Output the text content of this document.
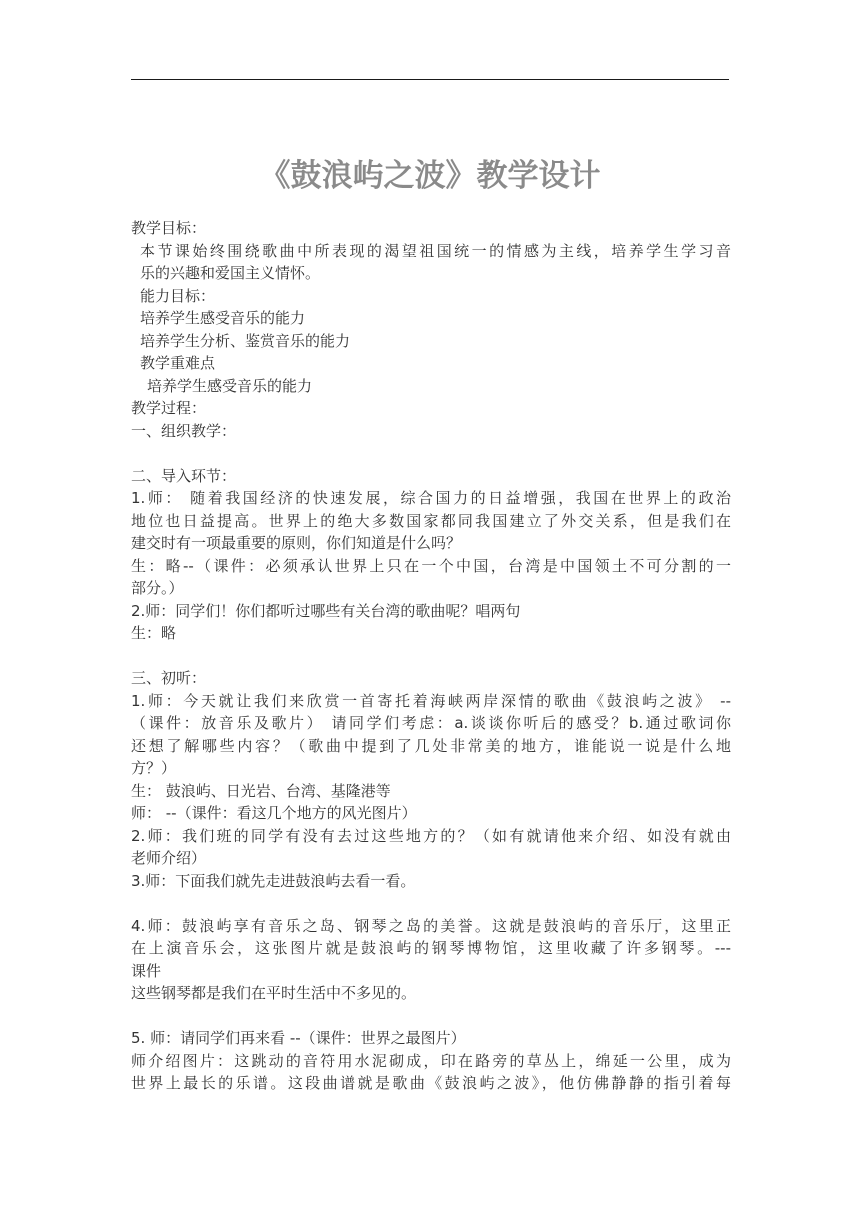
《鼓浪屿之波》教学设计
教学目标：
本节课始终围绕歌曲中所表现的渴望祖国统一的情感为主线，培养学生学习音
乐的兴趣和爱国主义情怀。
能力目标：
培养学生感受音乐的能力
培养学生分析、鉴赏音乐的能力
教学重难点
培养学生感受音乐的能力
教学过程：
一、组织教学：
二、导入环节：
1.师： 随着我国经济的快速发展，综合国力的日益增强，我国在世界上的政治
地位也日益提高。世界上的绝大多数国家都同我国建立了外交关系，但是我们在
建交时有一项最重要的原则，你们知道是什么吗？
生：略--（课件：必须承认世界上只在一个中国，台湾是中国领土不可分割的一
部分。）
2.师：同学们！你们都听过哪些有关台湾的歌曲呢？唱两句
生：略
三、初听：
1.师：今天就让我们来欣赏一首寄托着海峡两岸深情的歌曲《鼓浪屿之波》 --
（课件：放音乐及歌片） 请同学们考虑：a.谈谈你听后的感受？b.通过歌词你
还想了解哪些内容？（歌曲中提到了几处非常美的地方，谁能说一说是什么地
方？）
生： 鼓浪屿、日光岩、台湾、基隆港等
师： --（课件：看这几个地方的风光图片）
2.师：我们班的同学有没有去过这些地方的？（如有就请他来介绍、如没有就由
老师介绍）
3.师：下面我们就先走进鼓浪屿去看一看。
4.师：鼓浪屿享有音乐之岛、钢琴之岛的美誉。这就是鼓浪屿的音乐厅，这里正
在上演音乐会，这张图片就是鼓浪屿的钢琴博物馆，这里收藏了许多钢琴。---
课件
这些钢琴都是我们在平时生活中不多见的。
5. 师：请同学们再来看 --（课件：世界之最图片）
师介绍图片：这跳动的音符用水泥砌成，印在路旁的草丛上，绵延一公里，成为
世界上最长的乐谱。这段曲谱就是歌曲《鼓浪屿之波》，他仿佛静静的指引着每
